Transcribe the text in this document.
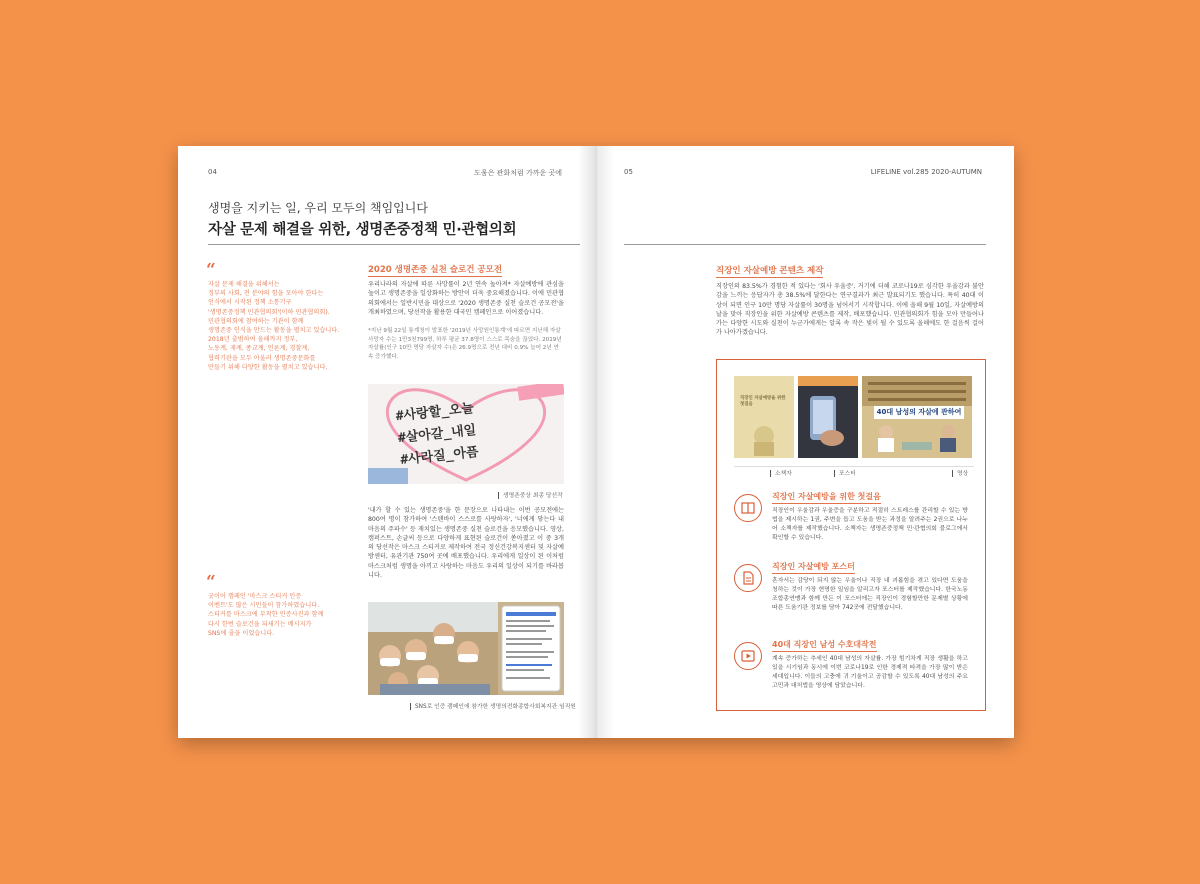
04	도움은 관화처럼 가까운 곳에
생명을 지키는 일, 우리 모두의 책임입니다
자살 문제 해결을 위한, 생명존중정책 민·관협의회
“
자살 문제 해결을 위해서는
정부의 사회, 전 분야의 힘을 모아야 한다는
인식에서 시작된 정책 소통기구
'생명존중정책 민관협의회'(이하 민관협의회).
민관협의회에 참여하는 기관이 함께
생명존중 인식을 만드는 활동을 펼치고 있습니다.
2018년 출범하여 올해까지 정부,
노동계, 재계, 종교계, 언론계, 경찰계,
협력기관을 모두 아울러 생명존중문화를
만들기 위해 다양한 활동을 펼치고 있습니다.
2020 생명존중 실천 슬로건 공모전
우리나라의 자살에 따른 사망률이 2년 연속 높아져* 자살예방에 관심을 높이고 생명존중을 일상화하는 방안이 더욱 중요해졌습니다. 이에 민관협의회에서는 일반시민을 대상으로 '2020 생명존중 실천 슬로건 공모전'을 개최하였으며, 당선작을 활용한 대국민 캠페인으로 이어졌습니다.
*지난 9월 22일 통계청이 발표한 '2019년 사망원인통계'에 따르면 지난해 자살 사망자 수는 1만3천799명, 하루 평균 37.8명이 스스로 목숨을 끊었다. 2019년 자살률(인구 10만 명당 자살자 수)은 26.9명으로 전년 대비 0.9% 늘어 2년 연속 증가했다.
#사랑할_오늘
#살아갈_내일
#사라질_아픔
생명존중상 최종 당선작
'내가 할 수 있는 생명존중'을 한 문장으로 나타내는 이번 공모전에는 800여 명이 참가하여 '스탠바이 스스로를 사랑하자', '너에게 닿는다 내 마음의 주파수' 등 재치있는 생명존중 실천 슬로건을 응모했습니다. 영상, 캠퍼스트, 손글씨 등으로 다양하게 표현된 슬로건이 쏟아졌고 이 중 3개의 당선작은 마스크 스티커로 제작하여 전국 정신건강복지센터 및 자살예방센터, 유관기관 750여 곳에 배포했습니다. 우리에게 일상이 된 이처럼 마스크처럼 생명을 아끼고 사랑하는 마음도 우리의 일상이 되기를 바라봅니다.
“
굿이어 캠페인 '마스크 스티커 인증
이벤트'도 많은 시민들이 참가하였습니다.
스티커를 마스크에 부착한 인증사진과 함께
다시 한번 슬로건을 되새기는 메시지가
SNS에 줄을 이었습니다.
SNS로 인증 캠페인에 참가한 생명의전화종합사회복지관 임직원
05	LIFELINE vol.285 2020-AUTUMN
직장인 자살예방 콘텐츠 제작
직장인의 83.5%가 경험한 적 있다는 '회사 우울증'. 거기에 더해 코로나19로 심각한 우울감과 불안감을 느끼는 응답자가 총 38.5%에 달한다는 연구결과가 최근 발표되기도 했습니다. 특히 40대 이상이 되면 인구 10만 명당 자살률이 30명을 넘어서기 시작합니다. 이에 올해 9월 10일, 자살예방의 날을 맞아 직장인을 위한 자살예방 콘텐츠를 제작, 배포했습니다. 민관협의회가 힘을 모아 만들어나가는 다양한 시도와 실천이 누군가에게는 알록 속 작은 빛이 될 수 있도록 올해에도 한 걸음씩 걸어가 나아가겠습니다.
직장인 자살예방을 위한 첫걸음
40대 남성의 자살에 관하여
소책자	포스터	영상
직장인 자살예방을 위한 첫걸음
직장인이 우울감과 우울증을 구분하고 적절히 스트레스를 관리할 수 있는 방법을 제시하는 1권, 주변을 돕고 도움을 받는 과정을 알려주는 2권으로 나누어 소책자를 제작했습니다. 소책자는 생명존중정책 민·관협의회 블로그에서 확인할 수 있습니다.
직장인 자살예방 포스터
혼자서는 감당이 되지 않는 우울이나 직장 내 괴롭힘을 겪고 있다면 도움을 청하는 것이 가장 현명한 일임을 알리고자 포스터를 제작했습니다. 한국노동조합총연맹과 함께 만든 이 포스터에는 직장인이 경험할만한 문제별 상황에 따른 도움기관 정보를 담아 742곳에 전달했습니다.
40대 직장인 남성 수호대작전
계속 증가하는 추세인 40대 남성의 자살률. 가장 힘기차게 직장 생활을 하고 있을 시기임과 동시에 이번 코로나19로 인한 경제적 타격을 가장 많이 받은 세대입니다. 이들의 고충에 귀 기울이고 공감할 수 있도록 40대 남성의 주요 고민과 대처법을 영상에 담았습니다.
